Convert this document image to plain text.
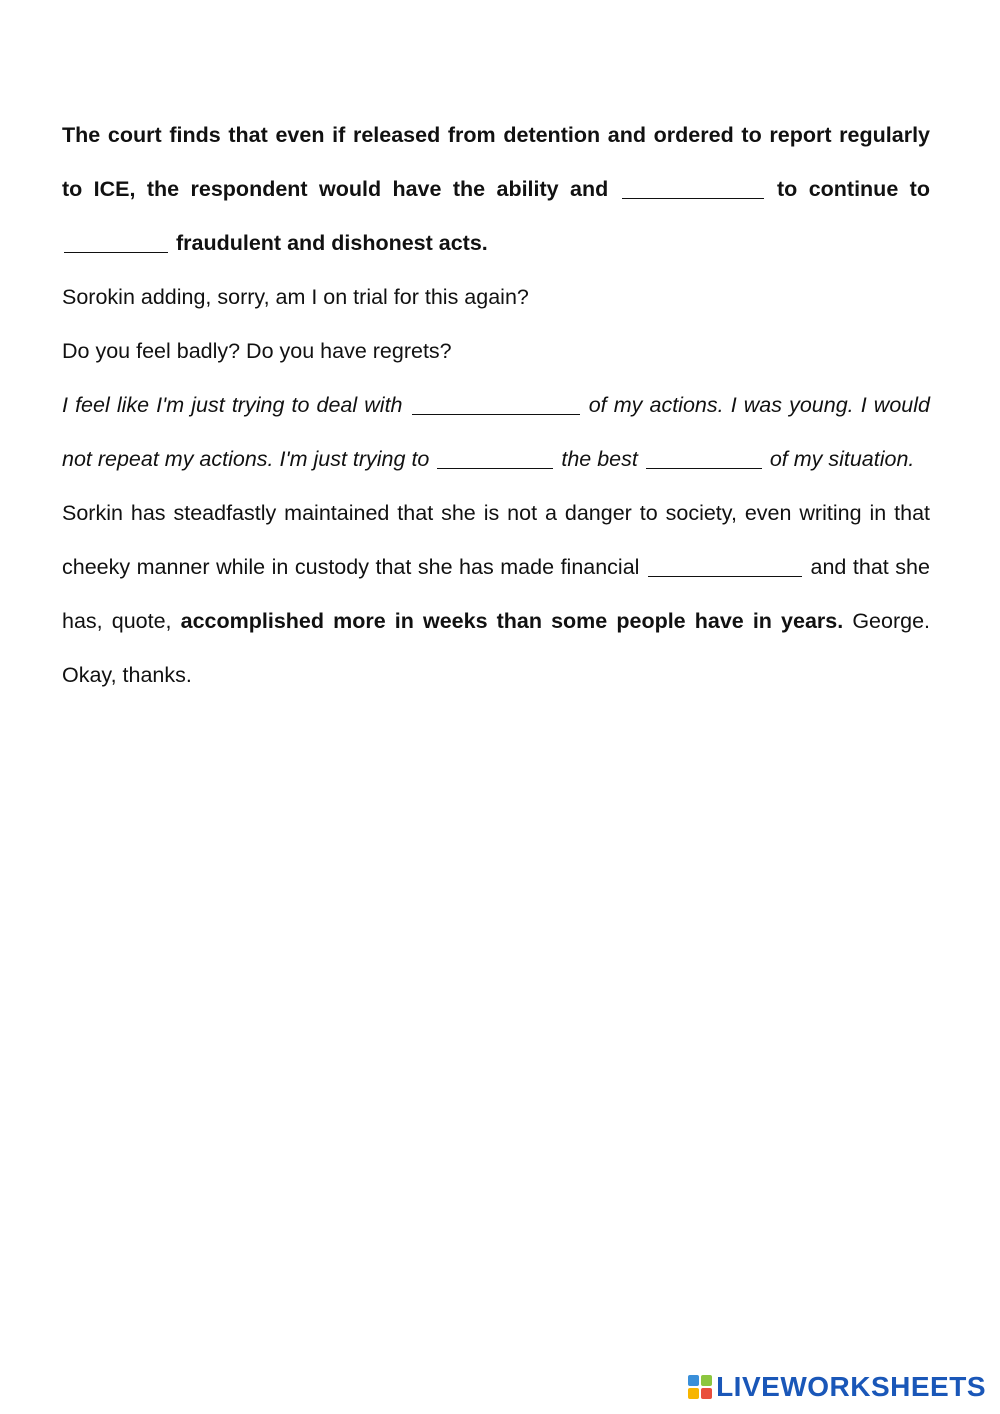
The court finds that even if released from detention and ordered to report regularly to ICE, the respondent would have the ability and	to continue to  fraudulent and dishonest acts.

Sorokin adding, sorry, am I on trial for this again?

Do you feel badly? Do you have regrets?

I feel like I'm just trying to deal with	of my actions. I was young. I would not repeat my actions. I'm just trying to	the best	of my situation.

Sorkin has steadfastly maintained that she is not a danger to society, even writing in that cheeky manner while in custody that she has made financial	and that she has, quote, accomplished more in weeks than some people have in years. George. Okay, thanks.

LIVEWORKSHEETS
